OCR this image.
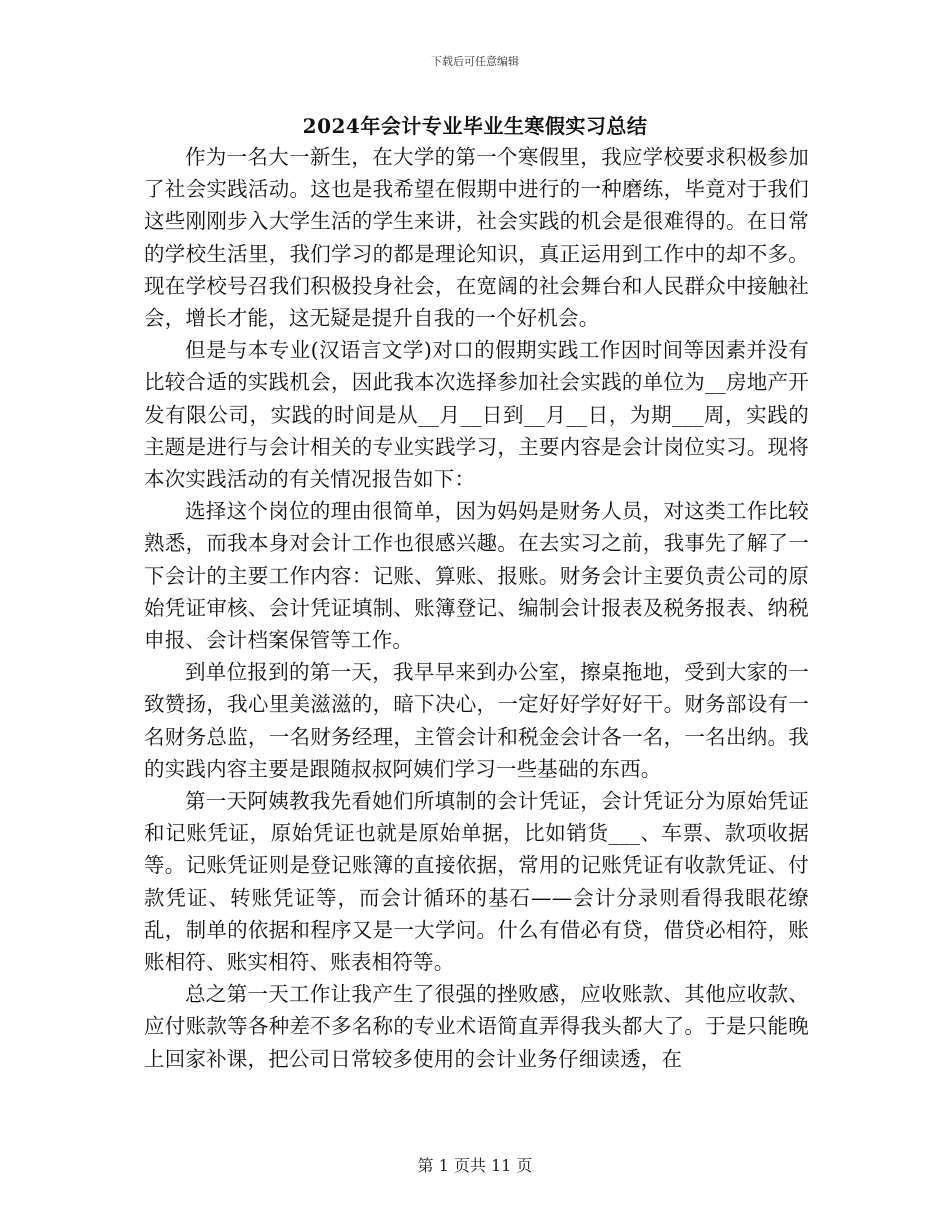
下载后可任意编辑
2024年会计专业毕业生寒假实习总结

作为一名大一新生，在大学的第一个寒假里，我应学校要求积极参加了社会实践活动。这也是我希望在假期中进行的一种磨练，毕竟对于我们这些刚刚步入大学生活的学生来讲，社会实践的机会是很难得的。在日常的学校生活里，我们学习的都是理论知识，真正运用到工作中的却不多。现在学校号召我们积极投身社会，在宽阔的社会舞台和人民群众中接触社会，增长才能，这无疑是提升自我的一个好机会。

但是与本专业(汉语言文学)对口的假期实践工作因时间等因素并没有比较合适的实践机会，因此我本次选择参加社会实践的单位为__房地产开发有限公司，实践的时间是从__月__日到__月__日，为期___周，实践的主题是进行与会计相关的专业实践学习，主要内容是会计岗位实习。现将本次实践活动的有关情况报告如下：

选择这个岗位的理由很简单，因为妈妈是财务人员，对这类工作比较熟悉，而我本身对会计工作也很感兴趣。在去实习之前，我事先了解了一下会计的主要工作内容：记账、算账、报账。财务会计主要负责公司的原始凭证审核、会计凭证填制、账簿登记、编制会计报表及税务报表、纳税申报、会计档案保管等工作。

到单位报到的第一天，我早早来到办公室，擦桌拖地，受到大家的一致赞扬，我心里美滋滋的，暗下决心，一定好好学好好干。财务部设有一名财务总监，一名财务经理，主管会计和税金会计各一名，一名出纳。我的实践内容主要是跟随叔叔阿姨们学习一些基础的东西。

第一天阿姨教我先看她们所填制的会计凭证，会计凭证分为原始凭证和记账凭证，原始凭证也就是原始单据，比如销货___、车票、款项收据等。记账凭证则是登记账簿的直接依据，常用的记账凭证有收款凭证、付款凭证、转账凭证等，而会计循环的基石——会计分录则看得我眼花缭乱，制单的依据和程序又是一大学问。什么有借必有贷，借贷必相符，账账相符、账实相符、账表相符等。

总之第一天工作让我产生了很强的挫败感，应收账款、其他应收款、应付账款等各种差不多名称的专业术语简直弄得我头都大了。于是只能晚上回家补课，把公司日常较多使用的会计业务仔细读透，在

第 1 页共 11 页
